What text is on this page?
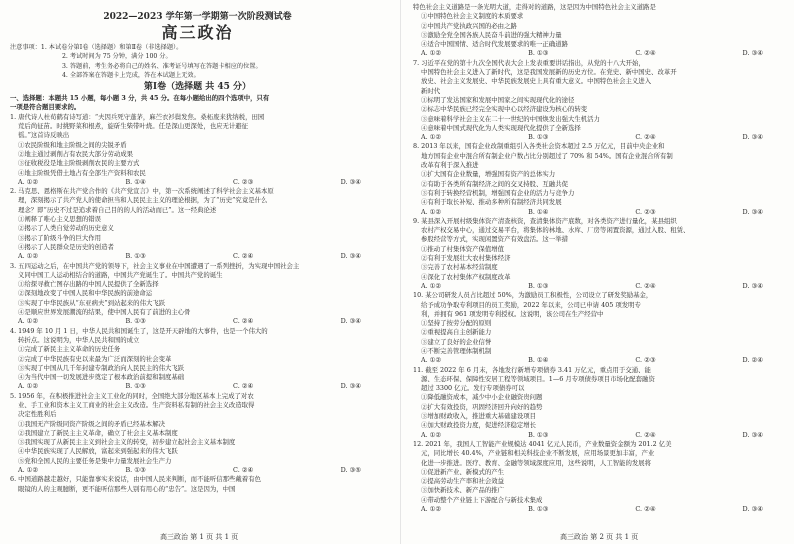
2022—2023 学年第一学期第一次阶段测试卷
高三政治
注意事项：1. 本试卷分第Ⅰ卷（选择题）和第Ⅱ卷（非选择题）。
2. 考试时间为 75 分钟，满分 100 分。
3. 答题前，考生务必将自己的姓名、准考证号填写在答题卡相应的位置。
4. 全部答案在答题卡上完成，答在本试题上无效。
第Ⅰ卷（选择题 共 45 分）
一、选择题：本题共 15 小题，每小题 3 分，共 45 分。在每小题给出的四个选项中，只有
一项是符合题目要求的。
1. 唐代诗人杜荀鹤有诗写道：“夫因兵死守蓬茅，麻苎衣衫鬓发焦。桑柘废来犹纳税，田园
荒后尚征苗。时挑野菜和根煮，旋斫生柴带叶烧。任是深山更深处，也应无计避征
徭。”这首诗反映出
①农民阶级和地主阶级之间的尖锐矛盾
②地主通过剥削占有农民大部分劳动成果
③征收税役是地主阶级剥削农民的主要方式
④地主阶级凭借土地占有全部生产资料和农民
A. ①②	B. ①④	C. ②③	D. ③④
2. 马克思、恩格斯在共产党合作的《共产党宣言》中，第一次系统阐述了科学社会主义基本原
理，深刻揭示了共产党人的使命担当和人民民主主义的理论根据，为了“历史”究竟是什么
理念？即“历史不过是追求着自己目的的人的活动而已”。这一经典论述
①阐释了唯心主义思想的错误
②揭示了人类自觉劳动的历史意义
③揭示了阶级斗争的巨大作用
④揭示了人民群众是历史的创造者
A. ①②	B. ①③	C. ②④	D. ③④
3. 五四运动之后，在中国共产党的领导下，社会主义事业在中国遭遇了一系列挫折，为实现中国社会主
义同中国工人运动相结合的道路，中国共产党诞生了。中国共产党的诞生
①给探寻救亡图存出路的中国人民提供了全新选择
②深刻地改变了中国人民和中华民族的前途命运
③实现了中华民族从“东亚病夫”到站起来的伟大飞跃
④是顺应世界发展潮流的结果，使中国人民有了前进的主心骨
A. ①②	B. ①③	C. ②④	D. ③④
4. 1949 年 10 月 1 日，中华人民共和国诞生了，这是开天辟地的大事件，也是一个伟大的
转折点。这说明为，中华人民共和国的成立
①完成了新民主主义革命的历史任务
②完成了中华民族有史以来最为广泛而深刻的社会变革
③实现了中国从几千年封建专制政治向人民民主的伟大飞跃
④为当代中国一切发展进步奠定了根本政治前提和制度基础
A. ①②	B. ①③	C. ②④	D. ③④
5. 1956 年，在积极推进社会主义工业化的同时，全国绝大部分地区基本上完成了对农
业、手工业和资本主义工商业的社会主义改造。生产资料私有制的社会主义改造取得
决定性胜利后
①我国无产阶级同资产阶级之间的矛盾已经基本解决
②我国建立了新民主主义革命，确立了社会主义基本制度
③我国实现了从新民主主义到社会主义的转变，初步建立起社会主义基本制度
④中华民族实现了人民解放，富起来到强起来的伟大飞跃
⑤党和全国人民的主要任务是集中力量发展社会生产力
A. ①②	B. ①③	C. ②④	D. ③⑤
6. 中国道路越走越好，只能靠事实来说话，由中国人民来判断，而不能听信那些戴着有色
眼镜的人的主观臆断，更不能听信那些人别有用心的“忠告”。这是因为，中国
特色社会主义道路是一条光明大道，走得对的道路，这是因为中国特色社会主义道路是
①中国特色社会主义制度的本质要求
②中国共产党执政兴国的必由之路
③激励全党全国各族人民奋斗前进的强大精神力量
④适合中国国情、适合时代发展要求的唯一正确道路
A. ①②	B. ①③	C. ②④	D. ③④
7. 习近平在党的第十九次全国代表大会上发表重要讲话指出，从党的十八大开始，
中国特色社会主义进入了新时代，这是我国发展新的历史方位。在党史、新中国史、改革开
放史、社会主义发展史、中华民族发展史上具有重大意义。中国特色社会主义进入
新时代
①标明了发达国家和发展中国家之间实现现代化的途径
②标志中华民族已经完全实现中心以经济建设为核心的转变
③意味着科学社会主义在二十一世纪的中国焕发出强大生机活力
④意味着中国式现代化为人类实现现代化提供了全新选择
A. ①②	B. ①③	C. ②④	D. ③④
8. 2013 年以来，国有企业改制重组引入各类社会资本超过 2.5 万亿元，目前中央企业和
地方国有企业中混合所有制企业户数占比分别超过了 70% 和 54%。国有企业混合所有制
改革有利于深入推进
①扩大国有企业数量，增强国有资产的总体实力
②有助于各类所有制经济之间的交叉持股、互融共促
③有利于转换经营机制，增强国有企业的活力与竞争力
④有利于取长补短、推动多种所有制经济共同发展
A. ①②	B. ①④	C. ②③	D. ③④
9. 某县深入开展村级集体资产清查核资，查清集体资产底数，对各类资产进行量化，某县组织
农村产权交易中心，通过交易平台，将集体的林地、水库、厂房等闲置资源，通过入股、租赁、
参股经营等方式，实现闲置资产有效盘活。这一举措
①推动了村集体资产保值增值
②有利于发展壮大农村集体经济
③完善了农村基本经营制度
④深化了农村集体产权制度改革
A. ①②	B. ①③	C. ②④	D. ③④
10. 某公司研发人员占比超过 50%，为激励员工积极性，公司设立了研发奖励基金，
给予成功争取专利项目的员工奖励，2022 年以来，公司已申请 405 项发明专
利，并拥有 961 项发明专利授权。这说明，该公司在生产经营中
①坚持了按劳分配的原则
②重视提高自主创新能力
③建立了良好的企业信誉
④不断完善管理体制机制
A. ①②	B. ①④	C. ②③	D. ②④
11. 截至 2022 年 6 月末，各地发行新增专项债券 3.41 万亿元，重点用于交通、能
源、生态环保、保障性安居工程等领域项目。1—6 月专项债券项目市场化配套融资
超过 3300 亿元。发行专项债券可以
①降低融资成本，减少中小企业融资贵问题
②扩大有效投资，巩固经济回升向好的趋势
③增加财政收入，推进重大基础建设项目
④加大财政投资力度，促进经济稳定增长
A. ①②	B. ①③	C. ②④	D. ③④
12. 2021 年，我国人工智能产业规模达 4041 亿元人民币，产业数量资金额为 201.2 亿美
元，同比增长 40.4%，产业链和相关科技企业不断发展，应用场景更加丰富，产业
化进一步推进。医疗、教育、金融等领域深度应用，这些说明，人工智能的发展将
①促进新产业、新模式的产生
②提高劳动生产率和社会效益
③加快新技术、新产品的推广
④带动整个产业链上下游配合与新技术集成
A. ①②	B. ①③	C. ②④	D. ③④
高三政治 第 1 页 共 1 页	高三政治 第 2 页 共 1 页
